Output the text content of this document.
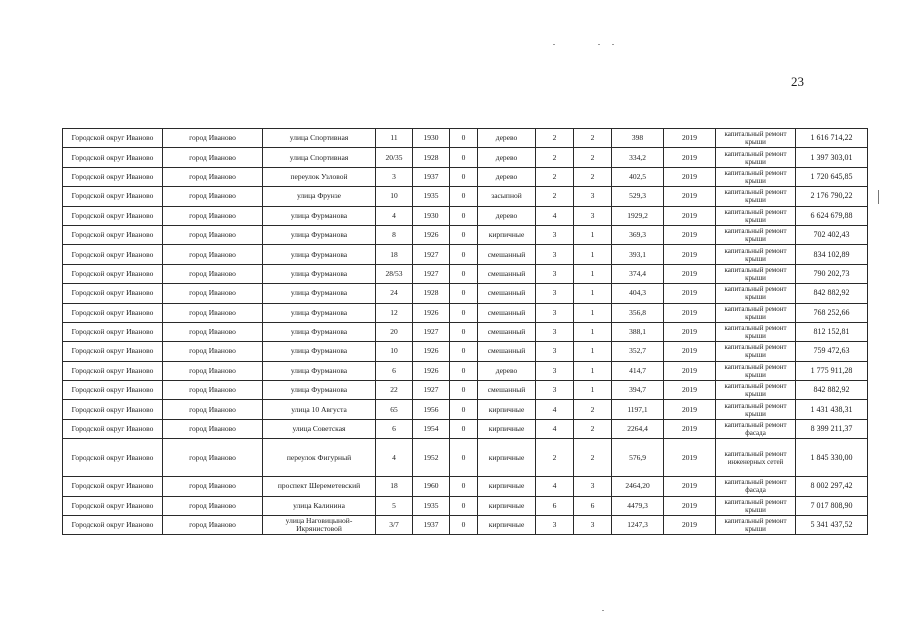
23
Городской округ Иваново	город Иваново	улица Спортивная	11	1930	0	дерево	2	2	398	2019	капитальный ремонт крыши	1 616 714,22
Городской округ Иваново	город Иваново	улица Спортивная	20/35	1928	0	дерево	2	2	334,2	2019	капитальный ремонт крыши	1 397 303,01
Городской округ Иваново	город Иваново	переулок Узловой	3	1937	0	дерево	2	2	402,5	2019	капитальный ремонт крыши	1 720 645,85
Городской округ Иваново	город Иваново	улица Фрунзе	10	1935	0	засыпной	2	3	529,3	2019	капитальный ремонт крыши	2 176 790,22
Городской округ Иваново	город Иваново	улица Фурманова	4	1930	0	дерево	4	3	1929,2	2019	капитальный ремонт крыши	6 624 679,88
Городской округ Иваново	город Иваново	улица Фурманова	8	1926	0	кирпичные	3	1	369,3	2019	капитальный ремонт крыши	702 402,43
Городской округ Иваново	город Иваново	улица Фурманова	18	1927	0	смешанный	3	1	393,1	2019	капитальный ремонт крыши	834 102,89
Городской округ Иваново	город Иваново	улица Фурманова	28/53	1927	0	смешанный	3	1	374,4	2019	капитальный ремонт крыши	790 202,73
Городской округ Иваново	город Иваново	улица Фурманова	24	1928	0	смешанный	3	1	404,3	2019	капитальный ремонт крыши	842 882,92
Городской округ Иваново	город Иваново	улица Фурманова	12	1926	0	смешанный	3	1	356,8	2019	капитальный ремонт крыши	768 252,66
Городской округ Иваново	город Иваново	улица Фурманова	20	1927	0	смешанный	3	1	388,1	2019	капитальный ремонт крыши	812 152,81
Городской округ Иваново	город Иваново	улица Фурманова	10	1926	0	смешанный	3	1	352,7	2019	капитальный ремонт крыши	759 472,63
Городской округ Иваново	город Иваново	улица Фурманова	6	1926	0	дерево	3	1	414,7	2019	капитальный ремонт крыши	1 775 911,28
Городской округ Иваново	город Иваново	улица Фурманова	22	1927	0	смешанный	3	1	394,7	2019	капитальный ремонт крыши	842 882,92
Городской округ Иваново	город Иваново	улица 10 Августа	65	1956	0	кирпичные	4	2	1197,1	2019	капитальный ремонт крыши	1 431 438,31
Городской округ Иваново	город Иваново	улица Советская	6	1954	0	кирпичные	4	2	2264,4	2019	капитальный ремонт фасада	8 399 211,37
Городской округ Иваново	город Иваново	переулок Фигурный	4	1952	0	кирпичные	2	2	576,9	2019	капитальный ремонт инженерных сетей	1 845 330,00
Городской округ Иваново	город Иваново	проспект Шереметевский	18	1960	0	кирпичные	4	3	2464,20	2019	капитальный ремонт фасада	8 002 297,42
Городской округ Иваново	город Иваново	улица Калинина	5	1935	0	кирпичные	6	6	4479,3	2019	капитальный ремонт крыши	7 017 808,90
Городской округ Иваново	город Иваново	улица Наговицыной-Икрянистовой	3/7	1937	0	кирпичные	3	3	1247,3	2019	капитальный ремонт крыши	5 341 437,52
